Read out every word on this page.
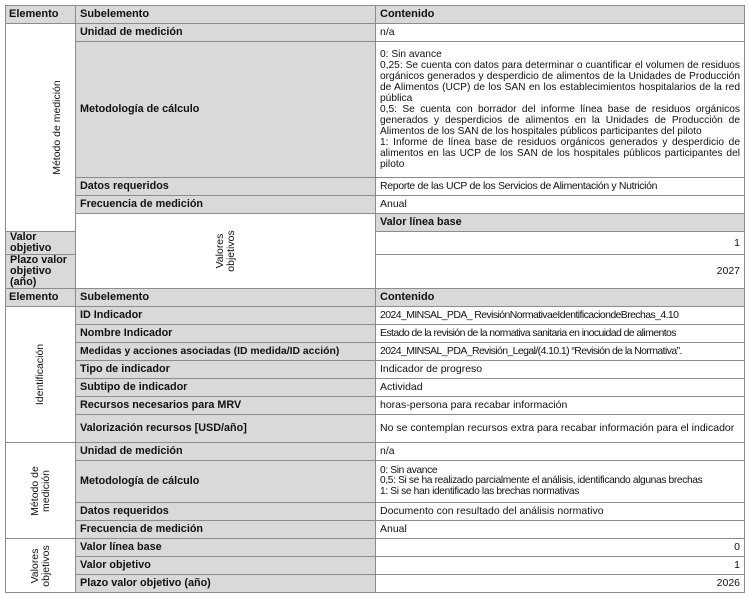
Elemento	Subelemento	Contenido	
Método de medición	Unidad de medición	n/a	
	Metodología de cálculo	0: Sin avance
0,25: Se cuenta con datos para determinar o cuantificar el volumen de residuos orgánicos generados y desperdicio de alimentos de la Unidades de Producción de Alimentos (UCP) de los SAN en los establecimientos hospitalarios de la red pública
0,5: Se cuenta con borrador del informe línea base de residuos orgánicos generados y desperdicios de alimentos en la Unidades de Producción de Alimentos de los SAN de los hospitales públicos participantes del piloto
1: Informe de línea base de residuos orgánicos generados y desperdicio de alimentos en las UCP de los SAN de los hospitales públicos participantes del piloto	
	Datos requeridos	Reporte de las UCP de los Servicios de Alimentación y Nutrición	
	Frecuencia de medición	Anual	
	Valores objetivos	Valor línea base	
Valor objetivo		1	
Plazo valor objetivo (año)		2027	
Elemento	Subelemento	Contenido	
Identificación	ID Indicador	2024_MINSAL_PDA_ RevisiónNormativaeIdentificaciondeBrechas_4.10	
	Nombre Indicador	Estado de la revisión de la normativa sanitaria en inocuidad de alimentos	
	Medidas y acciones asociadas (ID medida/ID acción)	2024_MINSAL_PDA_Revisión_Legal/(4.10.1) “Revisión de la Normativa”.	
	Tipo de indicador	Indicador de progreso	
	Subtipo de indicador	Actividad	
	Recursos necesarios para MRV	horas-persona para recabar información	
	Valorización recursos [USD/año]	No se contemplan recursos extra para recabar información para el indicador	
Método de medición	Unidad de medición	n/a	
	Metodología de cálculo	0: Sin avance
0,5: Si se ha realizado parcialmente el análisis, identificando algunas brechas
1: Si se han identificado las brechas normativas	
	Datos requeridos	Documento con resultado del análisis normativo	
	Frecuencia de medición	Anual	
Valores objetivos	Valor línea base	0	
	Valor objetivo	1	
	Plazo valor objetivo (año)	2026	
